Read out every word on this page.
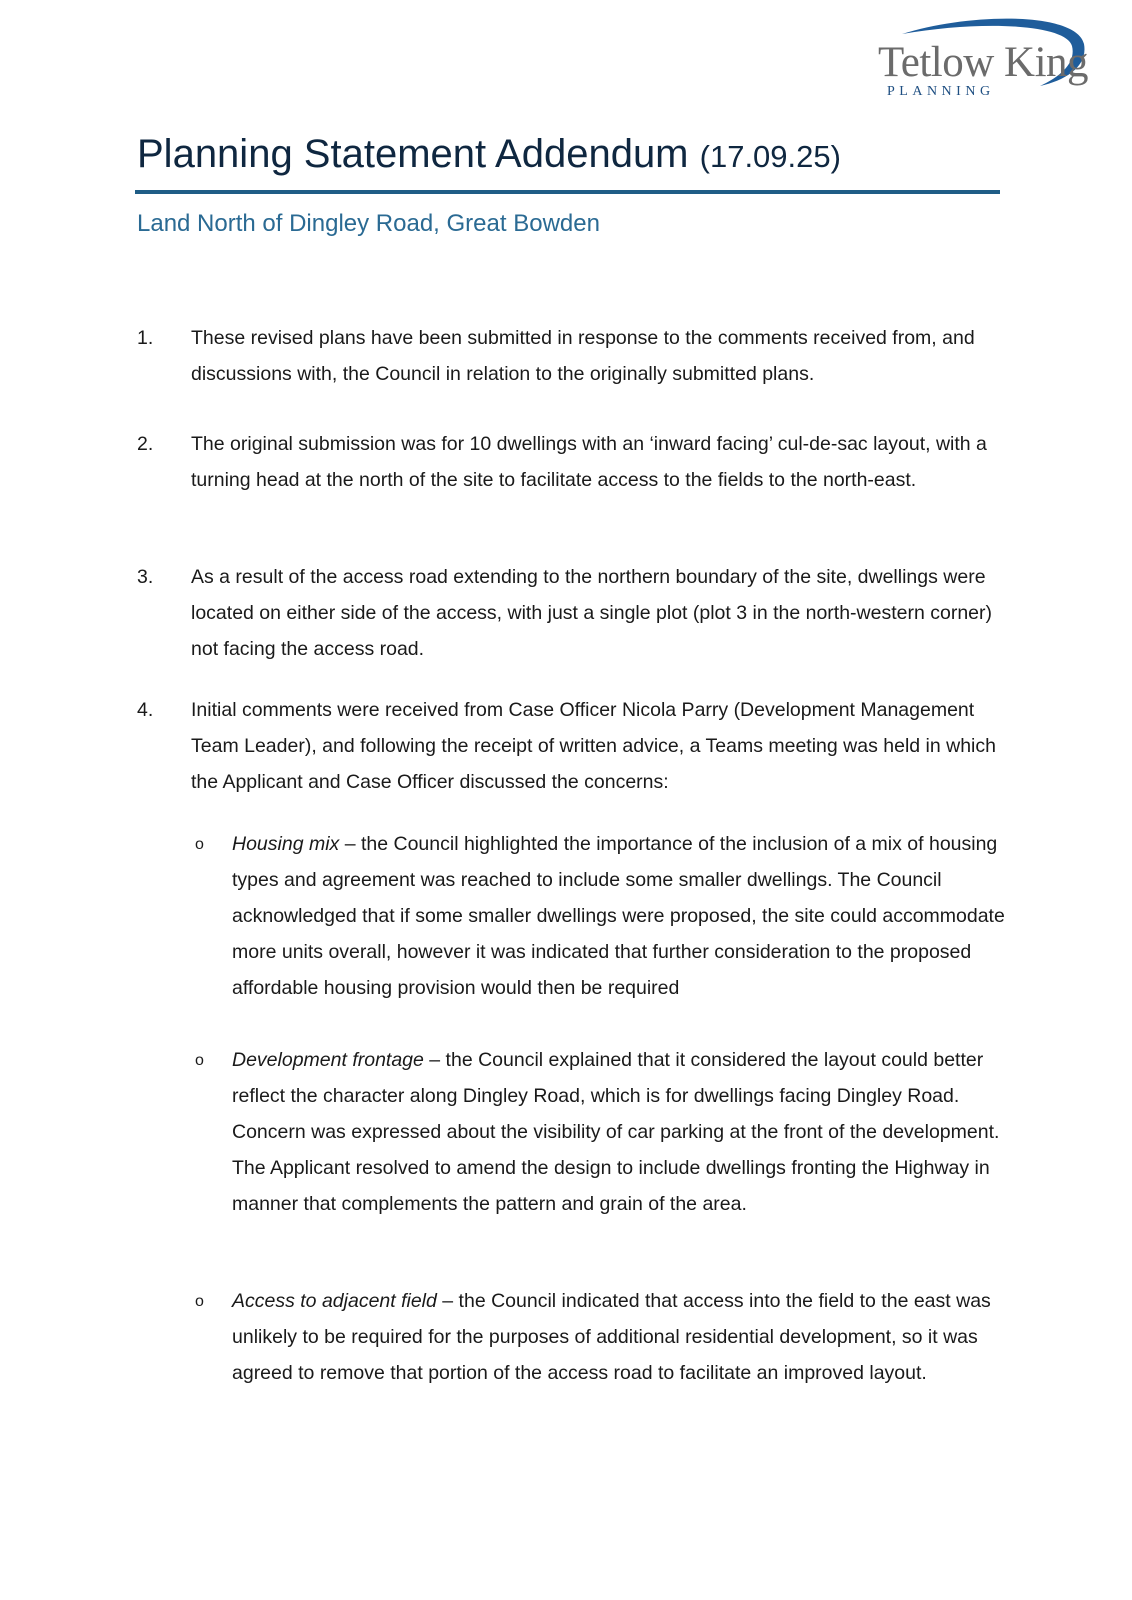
Tetlow King
PLANNING
Planning Statement Addendum (17.09.25)
Land North of Dingley Road, Great Bowden
1. These revised plans have been submitted in response to the comments received from, and discussions with, the Council in relation to the originally submitted plans.
2. The original submission was for 10 dwellings with an ‘inward facing’ cul-de-sac layout, with a turning head at the north of the site to facilitate access to the fields to the north-east.
3. As a result of the access road extending to the northern boundary of the site, dwellings were located on either side of the access, with just a single plot (plot 3 in the north-western corner) not facing the access road.
4. Initial comments were received from Case Officer Nicola Parry (Development Management Team Leader), and following the receipt of written advice, a Teams meeting was held in which the Applicant and Case Officer discussed the concerns:
o Housing mix – the Council highlighted the importance of the inclusion of a mix of housing types and agreement was reached to include some smaller dwellings. The Council acknowledged that if some smaller dwellings were proposed, the site could accommodate more units overall, however it was indicated that further consideration to the proposed affordable housing provision would then be required
o Development frontage – the Council explained that it considered the layout could better reflect the character along Dingley Road, which is for dwellings facing Dingley Road. Concern was expressed about the visibility of car parking at the front of the development. The Applicant resolved to amend the design to include dwellings fronting the Highway in manner that complements the pattern and grain of the area.
o Access to adjacent field – the Council indicated that access into the field to the east was unlikely to be required for the purposes of additional residential development, so it was agreed to remove that portion of the access road to facilitate an improved layout.
